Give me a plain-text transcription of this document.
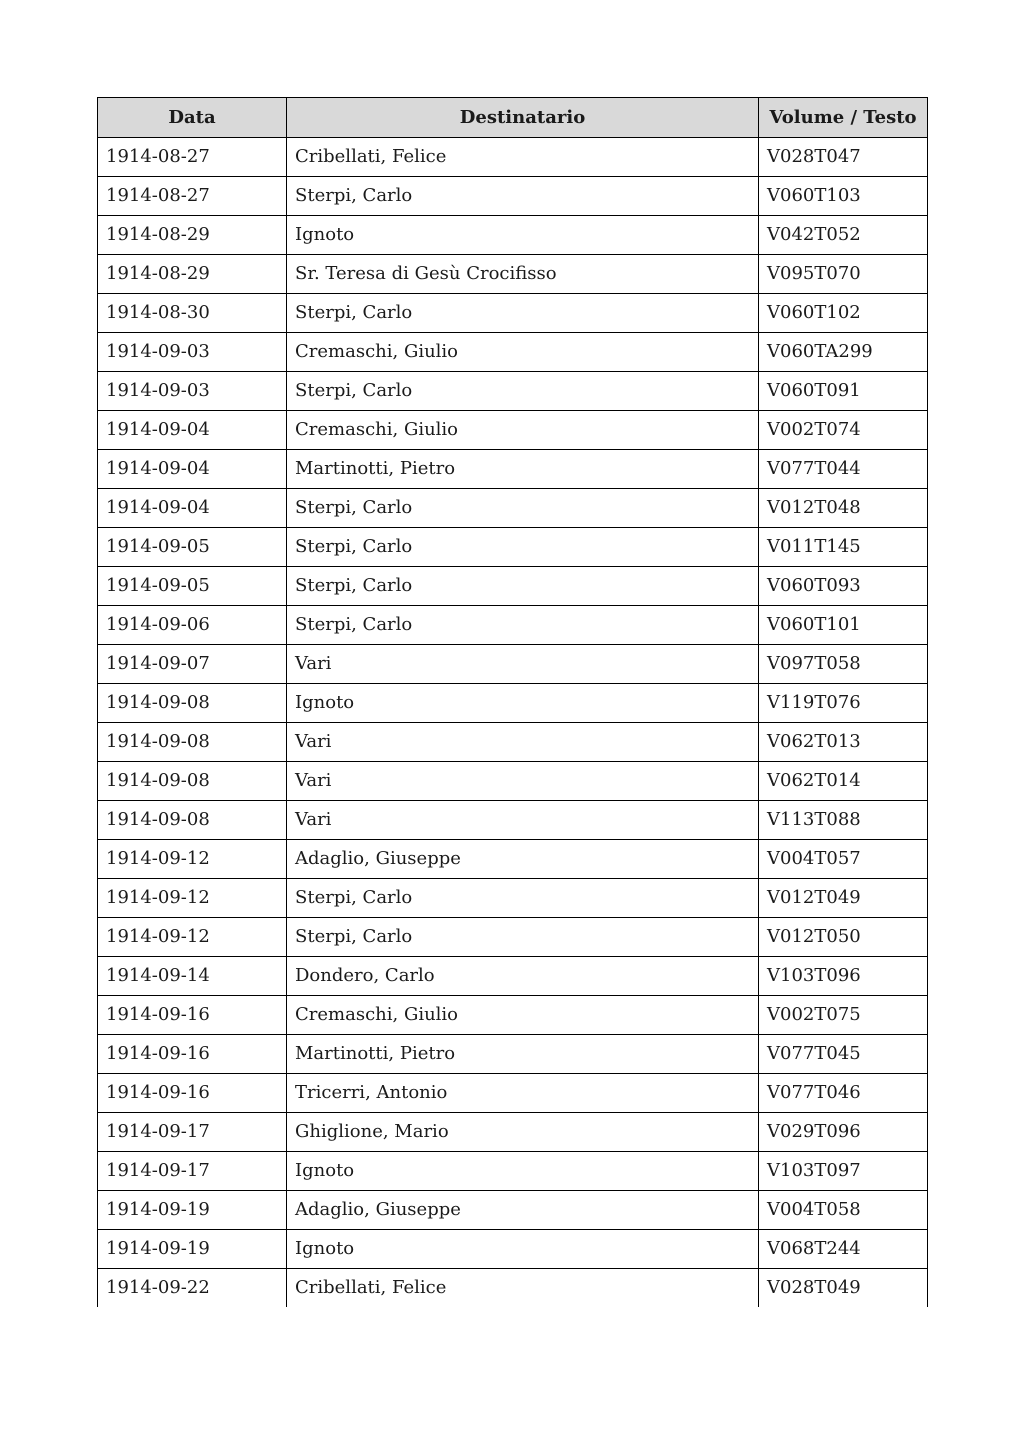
Data	Destinatario	Volume / Testo
1914-08-27	Cribellati, Felice	V028T047
1914-08-27	Sterpi, Carlo	V060T103
1914-08-29	Ignoto	V042T052
1914-08-29	Sr. Teresa di Gesù Crocifisso	V095T070
1914-08-30	Sterpi, Carlo	V060T102
1914-09-03	Cremaschi, Giulio	V060TA299
1914-09-03	Sterpi, Carlo	V060T091
1914-09-04	Cremaschi, Giulio	V002T074
1914-09-04	Martinotti, Pietro	V077T044
1914-09-04	Sterpi, Carlo	V012T048
1914-09-05	Sterpi, Carlo	V011T145
1914-09-05	Sterpi, Carlo	V060T093
1914-09-06	Sterpi, Carlo	V060T101
1914-09-07	Vari	V097T058
1914-09-08	Ignoto	V119T076
1914-09-08	Vari	V062T013
1914-09-08	Vari	V062T014
1914-09-08	Vari	V113T088
1914-09-12	Adaglio, Giuseppe	V004T057
1914-09-12	Sterpi, Carlo	V012T049
1914-09-12	Sterpi, Carlo	V012T050
1914-09-14	Dondero, Carlo	V103T096
1914-09-16	Cremaschi, Giulio	V002T075
1914-09-16	Martinotti, Pietro	V077T045
1914-09-16	Tricerri, Antonio	V077T046
1914-09-17	Ghiglione, Mario	V029T096
1914-09-17	Ignoto	V103T097
1914-09-19	Adaglio, Giuseppe	V004T058
1914-09-19	Ignoto	V068T244
1914-09-22	Cribellati, Felice	V028T049
